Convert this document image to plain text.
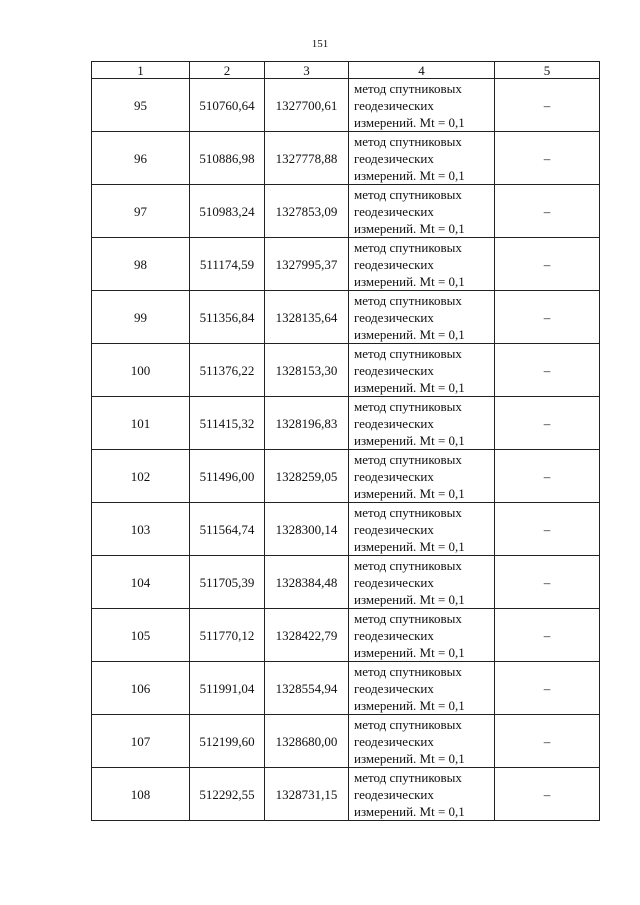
151
1	2	3	4	5
95	510760,64	1327700,61	метод спутниковых геодезических измерений. Mt = 0,1	–
96	510886,98	1327778,88	метод спутниковых геодезических измерений. Mt = 0,1	–
97	510983,24	1327853,09	метод спутниковых геодезических измерений. Mt = 0,1	–
98	511174,59	1327995,37	метод спутниковых геодезических измерений. Mt = 0,1	–
99	511356,84	1328135,64	метод спутниковых геодезических измерений. Mt = 0,1	–
100	511376,22	1328153,30	метод спутниковых геодезических измерений. Mt = 0,1	–
101	511415,32	1328196,83	метод спутниковых геодезических измерений. Mt = 0,1	–
102	511496,00	1328259,05	метод спутниковых геодезических измерений. Mt = 0,1	–
103	511564,74	1328300,14	метод спутниковых геодезических измерений. Mt = 0,1	–
104	511705,39	1328384,48	метод спутниковых геодезических измерений. Mt = 0,1	–
105	511770,12	1328422,79	метод спутниковых геодезических измерений. Mt = 0,1	–
106	511991,04	1328554,94	метод спутниковых геодезических измерений. Mt = 0,1	–
107	512199,60	1328680,00	метод спутниковых геодезических измерений. Mt = 0,1	–
108	512292,55	1328731,15	метод спутниковых геодезических измерений. Mt = 0,1	–
